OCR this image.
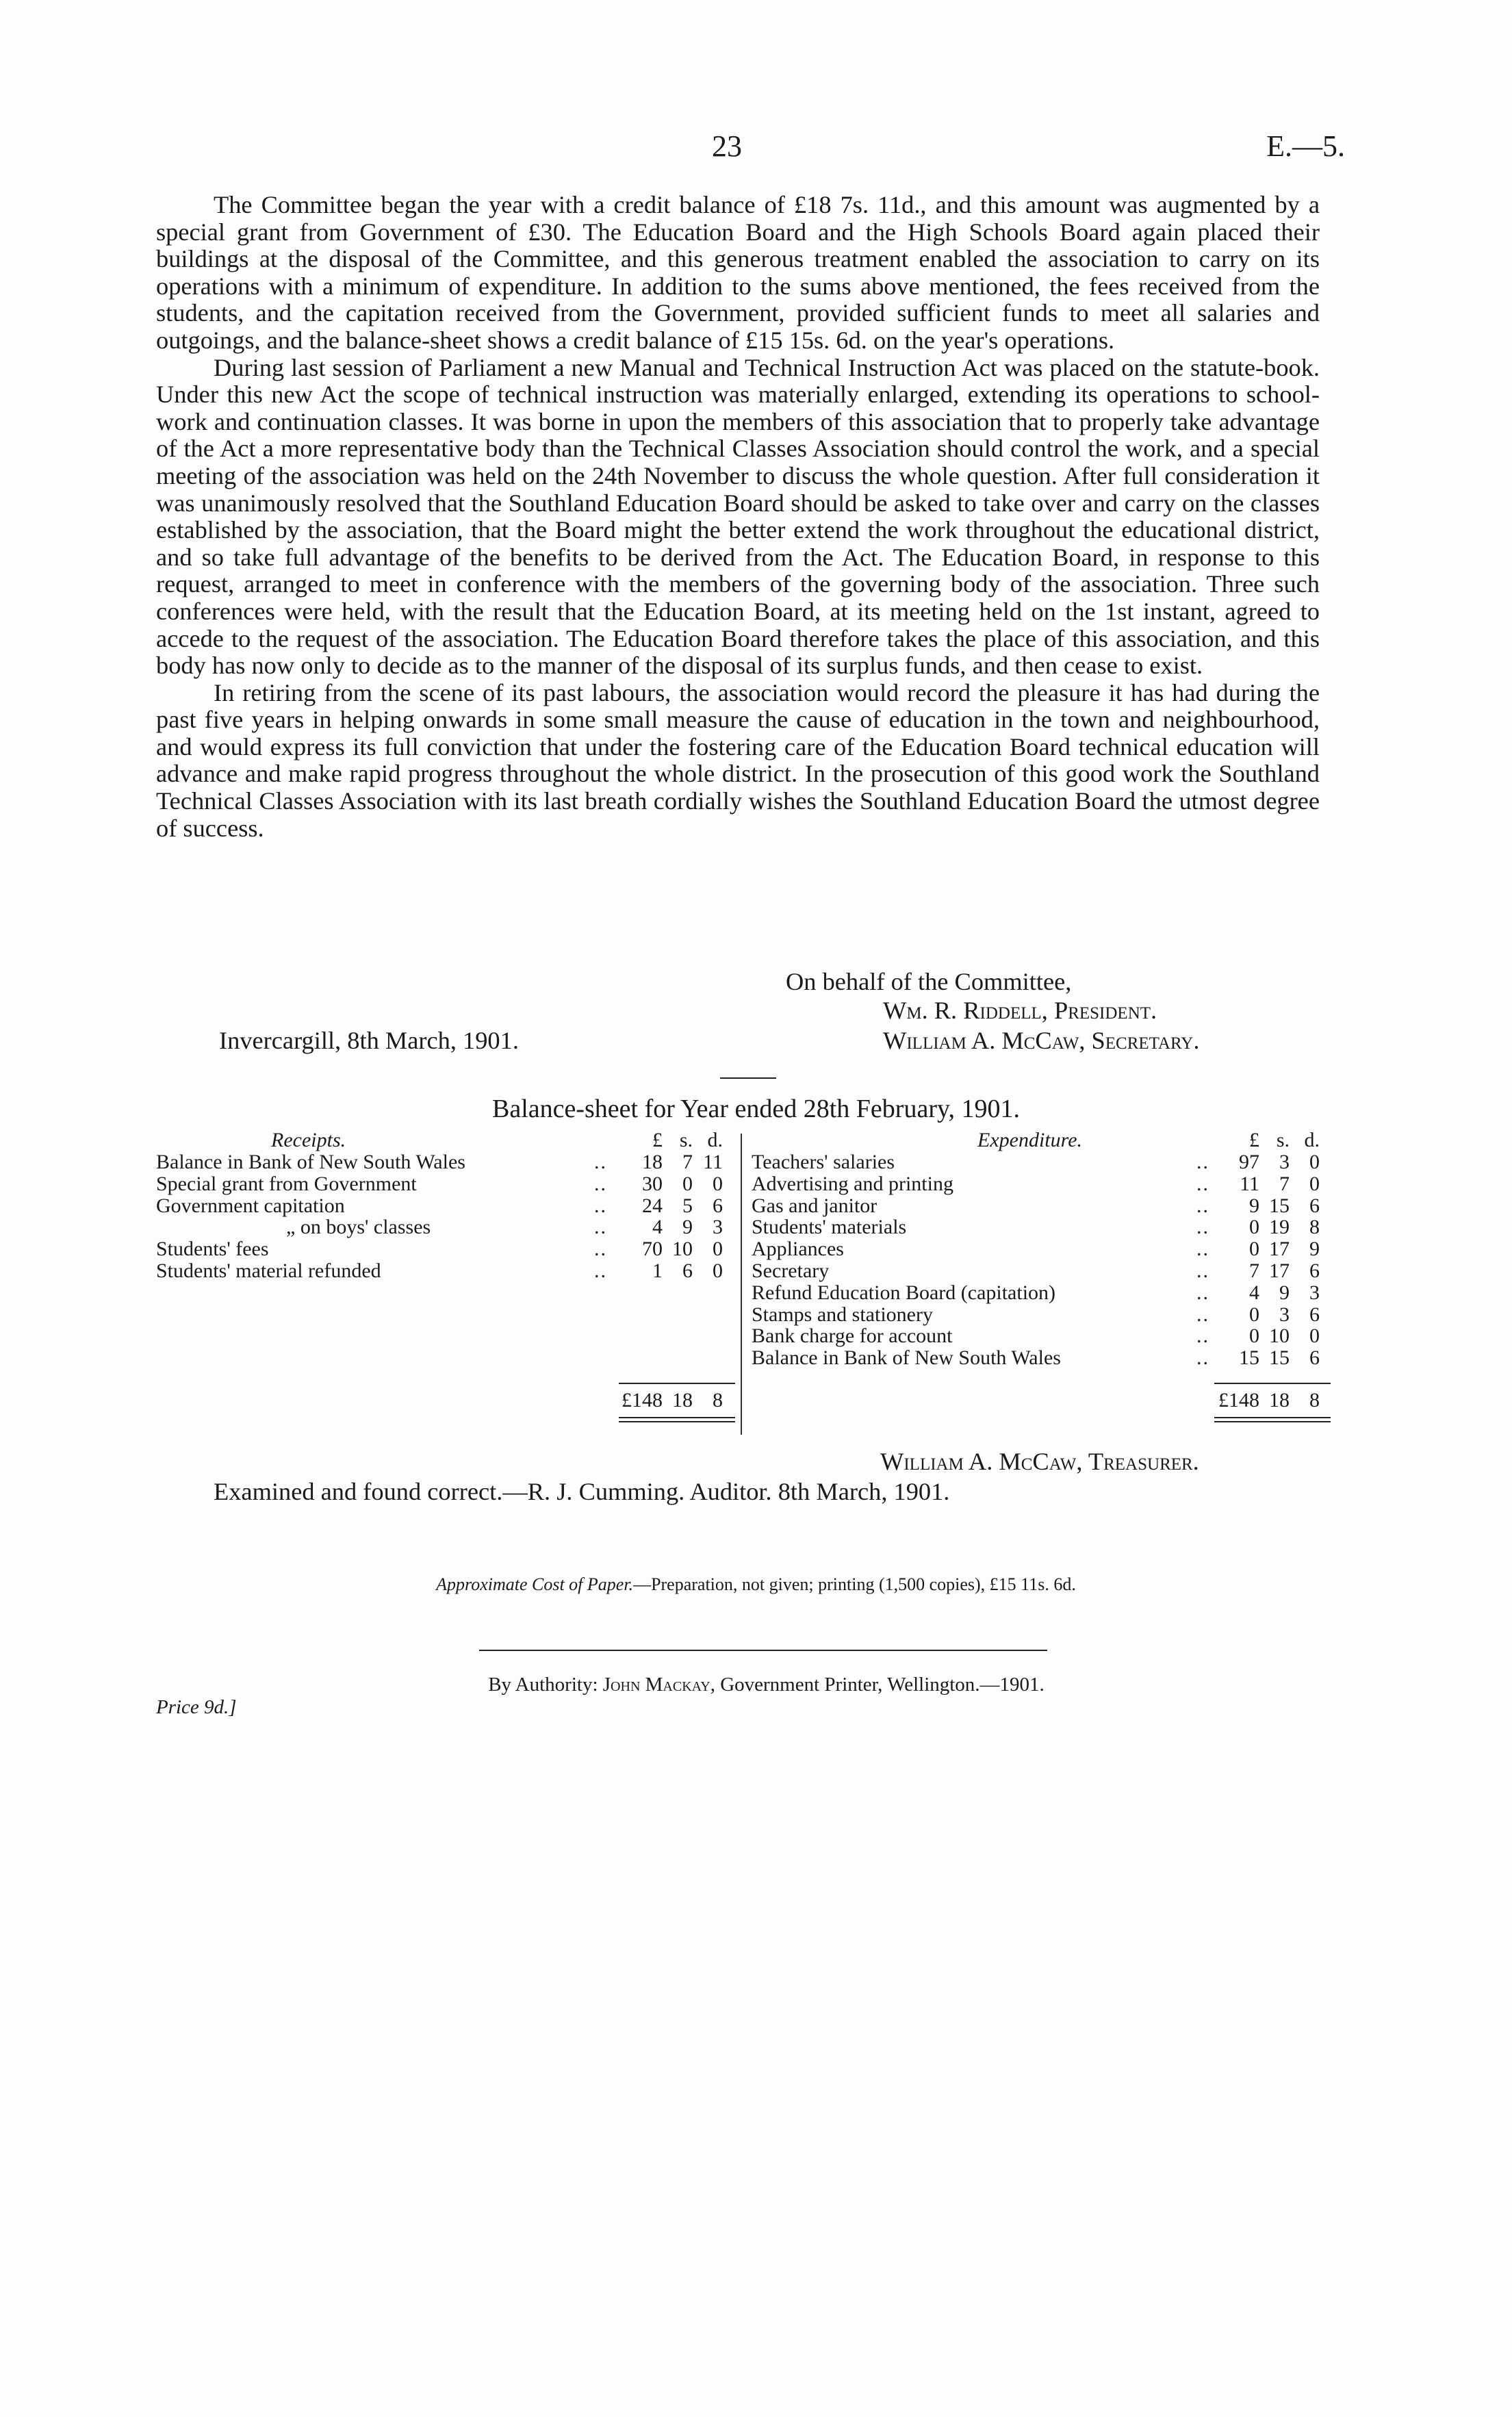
23	E.—5.

The Committee began the year with a credit balance of £18 7s. 11d., and this amount was augmented by a special grant from Government of £30. The Education Board and the High Schools Board again placed their buildings at the disposal of the Committee, and this generous treatment enabled the association to carry on its operations with a minimum of expenditure. In addition to the sums above mentioned, the fees received from the students, and the capitation received from the Government, provided sufficient funds to meet all salaries and outgoings, and the balance-sheet shows a credit balance of £15 15s. 6d. on the year's operations.

During last session of Parliament a new Manual and Technical Instruction Act was placed on the statute-book. Under this new Act the scope of technical instruction was materially enlarged, extending its operations to school-work and continuation classes. It was borne in upon the members of this association that to properly take advantage of the Act a more representative body than the Technical Classes Association should control the work, and a special meeting of the association was held on the 24th November to discuss the whole question. After full consideration it was unanimously resolved that the Southland Education Board should be asked to take over and carry on the classes established by the association, that the Board might the better extend the work throughout the educational district, and so take full advantage of the benefits to be derived from the Act. The Education Board, in response to this request, arranged to meet in conference with the members of the governing body of the association. Three such conferences were held, with the result that the Education Board, at its meeting held on the 1st instant, agreed to accede to the request of the association. The Education Board therefore takes the place of this association, and this body has now only to decide as to the manner of the disposal of its surplus funds, and then cease to exist.

In retiring from the scene of its past labours, the association would record the pleasure it has had during the past five years in helping onwards in some small measure the cause of education in the town and neighbourhood, and would express its full conviction that under the fostering care of the Education Board technical education will advance and make rapid progress throughout the whole district. In the prosecution of this good work the Southland Technical Classes Association with its last breath cordially wishes the Southland Education Board the utmost degree of success.

On behalf of the Committee,
Wm. R. Riddell, President.
Invercargill, 8th March, 1901.	William A. McCaw, Secretary.
Balance-sheet for Year ended 28th February, 1901.
Receipts.	£ s. d.
Balance in Bank of New South Wales	..	18 7 11
Special grant from Government	..	30 0 0
Government capitation	..	24 5 6
„ on boys' classes	..	4 9 3
Students' fees	..	70 10 0
Students' material refunded	..	1 6 0
Expenditure.	£ s. d.
Teachers' salaries	..	97 3 0
Advertising and printing	..	11 7 0
Gas and janitor	..	9 15 6
Students' materials	..	0 19 8
Appliances	..	0 17 9
Secretary	..	7 17 6
Refund Education Board (capitation)	..	4 9 3
Stamps and stationery	..	0 3 6
Bank charge for account	..	0 10 0
Balance in Bank of New South Wales	..	15 15 6
£148 18 8	£148 18 8
William A. McCaw, Treasurer.
Examined and found correct.—R. J. Cumming. Auditor. 8th March, 1901.
Approximate Cost of Paper.—Preparation, not given; printing (1,500 copies), £15 11s. 6d.
By Authority: John Mackay, Government Printer, Wellington.—1901.
Price 9d.]
